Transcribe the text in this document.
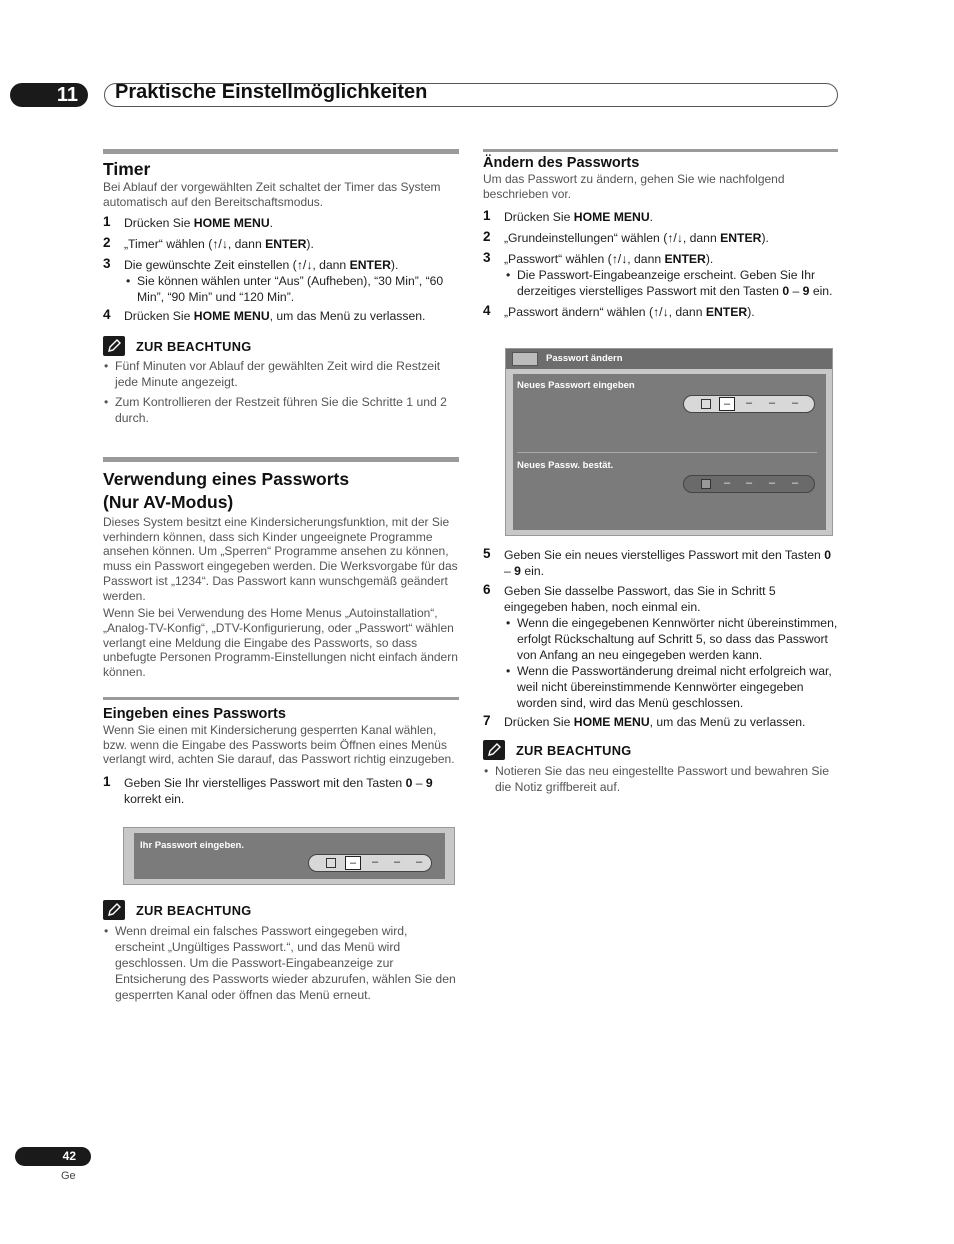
11	Praktische Einstellmöglichkeiten
Timer

Bei Ablauf der vorgewählten Zeit schaltet der Timer das System automatisch auf den Bereitschaftsmodus.

1 Drücken Sie HOME MENU.
2 „Timer“ wählen (↑/↓, dann ENTER).
3 Die gewünschte Zeit einstellen (↑/↓, dann ENTER).
• Sie können wählen unter “Aus” (Aufheben), “30 Min”, “60 Min”, “90 Min” und “120 Min”.
4 Drücken Sie HOME MENU, um das Menü zu verlassen.
ZUR BEACHTUNG
• Fünf Minuten vor Ablauf der gewählten Zeit wird die Restzeit jede Minute angezeigt.
• Zum Kontrollieren der Restzeit führen Sie die Schritte 1 und 2 durch.
Verwendung eines Passworts
(Nur AV-Modus)

Dieses System besitzt eine Kindersicherungsfunktion, mit der Sie verhindern können, dass sich Kinder ungeeignete Programme ansehen können. Um „Sperren“ Programme ansehen zu können, muss ein Passwort eingegeben werden. Die Werksvorgabe für das Passwort ist „1234“. Das Passwort kann wunschgemäß geändert werden.

Wenn Sie bei Verwendung des Home Menus „Autoinstallation“, „Analog-TV-Konfig“, „DTV-Konfigurierung, oder „Passwort“ wählen verlangt eine Meldung die Eingabe des Passworts, so dass unbefugte Personen Programm-Einstellungen nicht einfach ändern können.

Eingeben eines Passworts

Wenn Sie einen mit Kindersicherung gesperrten Kanal wählen, bzw. wenn die Eingabe des Passworts beim Öffnen eines Menüs verlangt wird, achten Sie darauf, das Passwort richtig einzugeben.

1 Geben Sie Ihr vierstelliges Passwort mit den Tasten 0 – 9 korrekt ein.
Ihr Passwort eingeben.
–	–	–	–
ZUR BEACHTUNG
• Wenn dreimal ein falsches Passwort eingegeben wird, erscheint „Ungültiges Passwort.“, und das Menü wird geschlossen. Um die Passwort-Eingabeanzeige zur Entsicherung des Passworts wieder abzurufen, wählen Sie den gesperrten Kanal oder öffnen das Menü erneut.
Ändern des Passworts

Um das Passwort zu ändern, gehen Sie wie nachfolgend beschrieben vor.

1 Drücken Sie HOME MENU.
2 „Grundeinstellungen“ wählen (↑/↓, dann ENTER).
3 „Passwort“ wählen (↑/↓, dann ENTER).
• Die Passwort-Eingabeanzeige erscheint. Geben Sie Ihr derzeitiges vierstelliges Passwort mit den Tasten 0 – 9 ein.
4 „Passwort ändern“ wählen (↑/↓, dann ENTER).
Passwort ändern
Neues Passwort eingeben
–	–	–	–
Neues Passw. bestät.
–	–	–	–
5 Geben Sie ein neues vierstelliges Passwort mit den Tasten 0 – 9 ein.
6 Geben Sie dasselbe Passwort, das Sie in Schritt 5 eingegeben haben, noch einmal ein.
• Wenn die eingegebenen Kennwörter nicht übereinstimmen, erfolgt Rückschaltung auf Schritt 5, so dass das Passwort von Anfang an neu eingegeben werden kann.
• Wenn die Passwortänderung dreimal nicht erfolgreich war, weil nicht übereinstimmende Kennwörter eingegeben worden sind, wird das Menü geschlossen.
7 Drücken Sie HOME MENU, um das Menü zu verlassen.
ZUR BEACHTUNG
• Notieren Sie das neu eingestellte Passwort und bewahren Sie die Notiz griffbereit auf.
42
Ge
